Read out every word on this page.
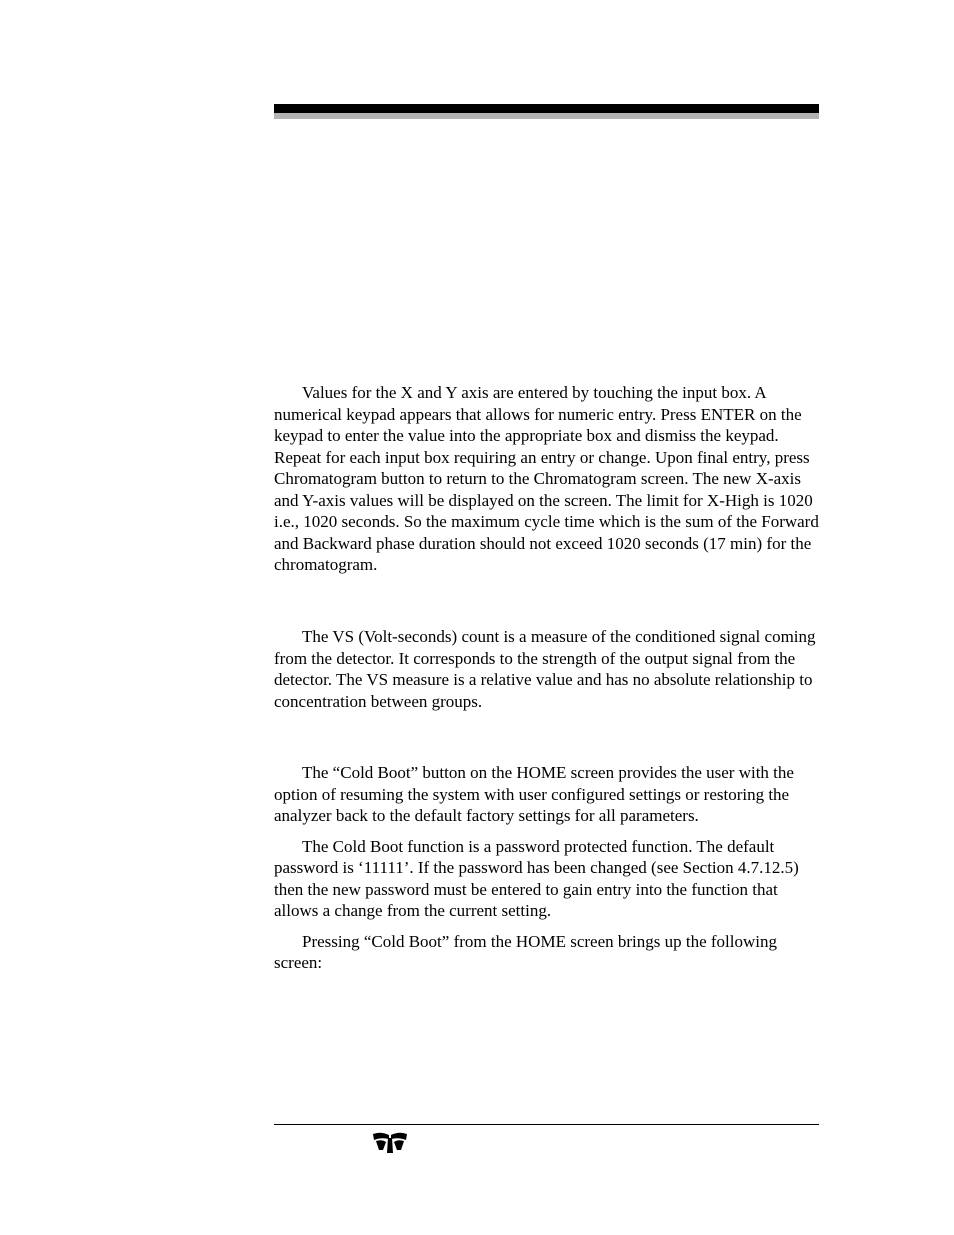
Values for the X and Y axis are entered by touching the input box. A numerical keypad appears that allows for numeric entry. Press ENTER on the keypad to enter the value into the appropriate box and dismiss the keypad. Repeat for each input box requiring an entry or change. Upon final entry, press Chromatogram button to return to the Chromatogram screen. The new X-axis and Y-axis values will be displayed on the screen. The limit for X-High is 1020 i.e., 1020 seconds. So the maximum cycle time which is the sum of the Forward and Backward phase duration should not exceed 1020 seconds (17 min) for the chromatogram.

The VS (Volt-seconds) count is a measure of the conditioned signal coming from the detector. It corresponds to the strength of the output signal from the detector. The VS measure is a relative value and has no absolute relationship to concentration between groups.

The “Cold Boot” button on the HOME screen provides the user with the option of resuming the system with user configured settings or restoring the analyzer back to the default factory settings for all parameters.

The Cold Boot function is a password protected function. The default password is ‘11111’. If the password has been changed (see Section 4.7.12.5) then the new password must be entered to gain entry into the function that allows a change from the current setting.

Pressing “Cold Boot” from the HOME screen brings up the following screen:
